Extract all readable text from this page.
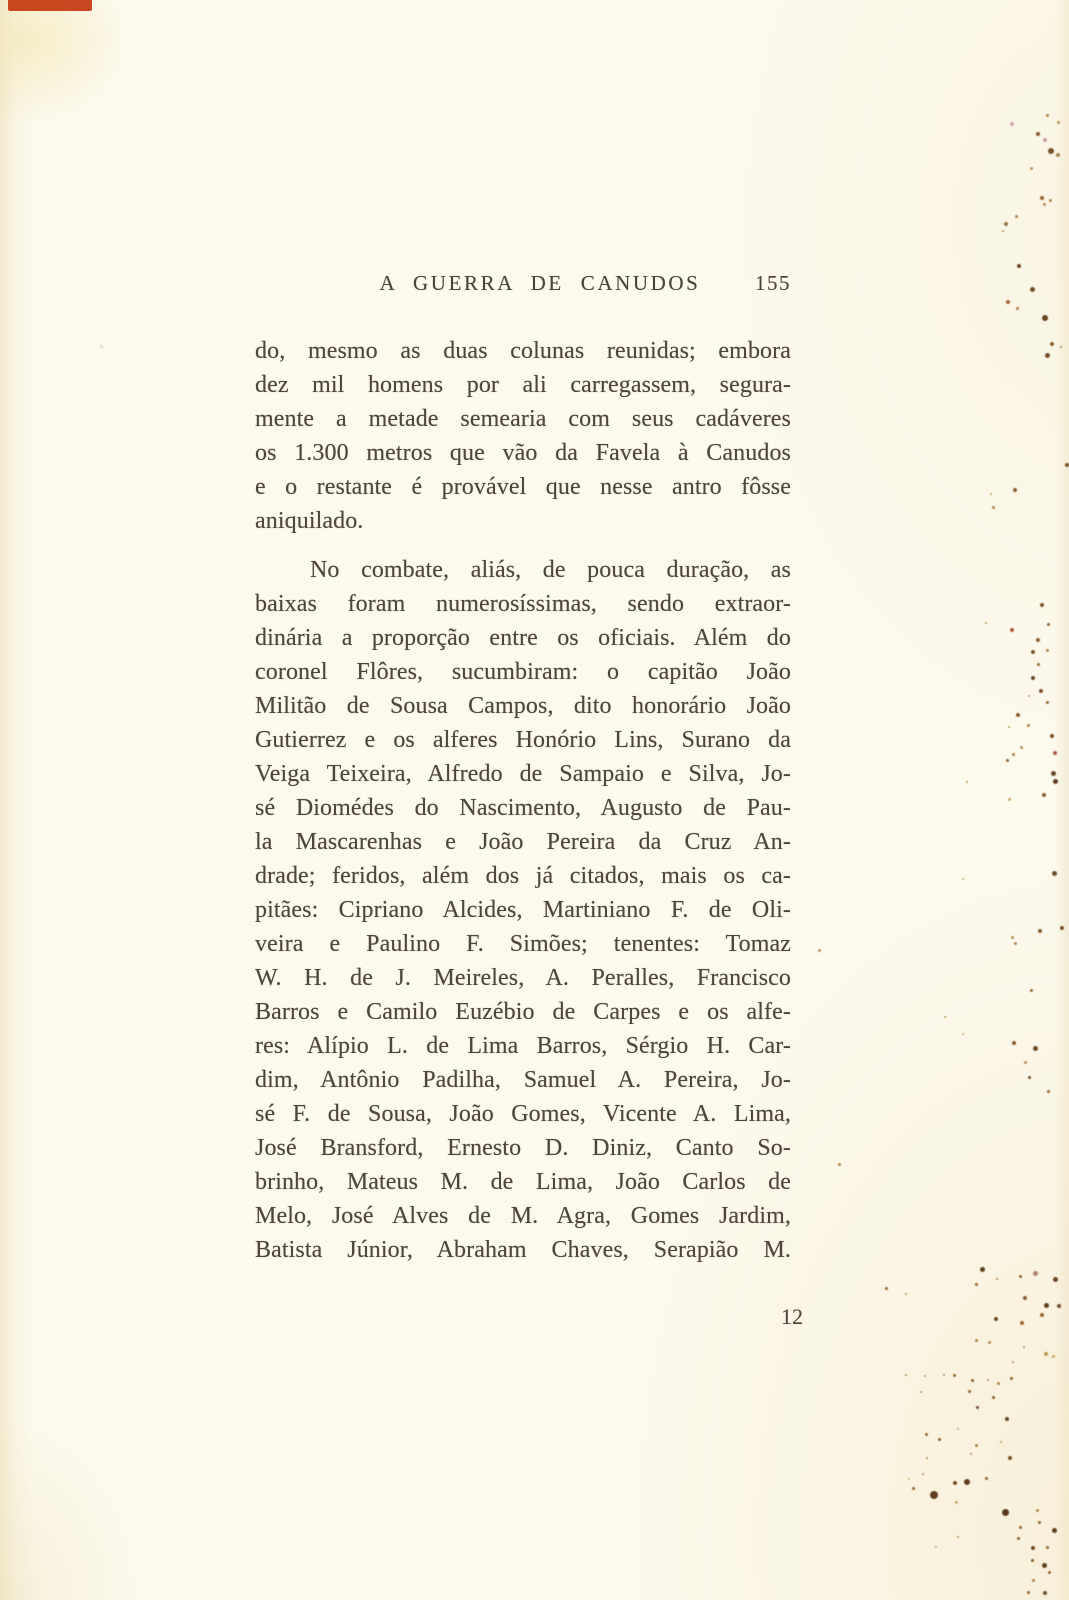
A GUERRA DE CANUDOS	155
do, mesmo as duas colunas reunidas; embora
dez mil homens por ali carregassem, segura-
mente a metade semearia com seus cadáveres
os 1.300 metros que vão da Favela à Canudos
e o restante é provável que nesse antro fôsse
aniquilado.
No combate, aliás, de pouca duração, as
baixas foram numerosíssimas, sendo extraor-
dinária a proporção entre os oficiais. Além do
coronel Flôres, sucumbiram: o capitão João
Militão de Sousa Campos, dito honorário João
Gutierrez e os alferes Honório Lins, Surano da
Veiga Teixeira, Alfredo de Sampaio e Silva, Jo-
sé Diomédes do Nascimento, Augusto de Pau-
la Mascarenhas e João Pereira da Cruz An-
drade; feridos, além dos já citados, mais os ca-
pitães: Cipriano Alcides, Martiniano F. de Oli-
veira e Paulino F. Simões; tenentes: Tomaz
W. H. de J. Meireles, A. Peralles, Francisco
Barros e Camilo Euzébio de Carpes e os alfe-
res: Alípio L. de Lima Barros, Sérgio H. Car-
dim, Antônio Padilha, Samuel A. Pereira, Jo-
sé F. de Sousa, João Gomes, Vicente A. Lima,
José Bransford, Ernesto D. Diniz, Canto So-
brinho, Mateus M. de Lima, João Carlos de
Melo, José Alves de M. Agra, Gomes Jardim,
Batista Júnior, Abraham Chaves, Serapião M.
12
